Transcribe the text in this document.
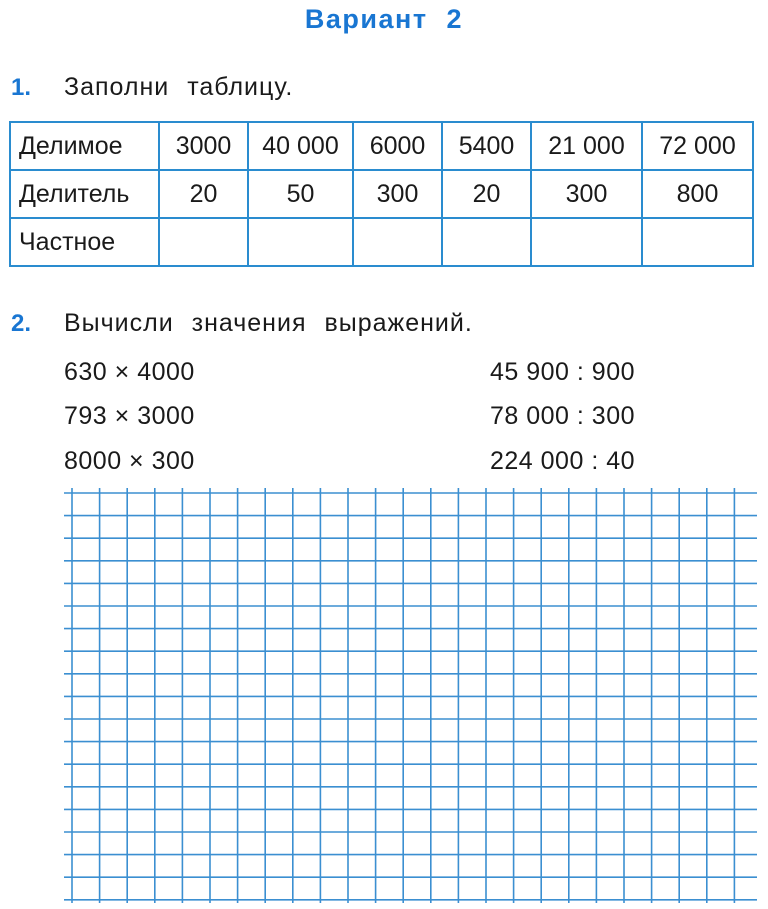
Вариант 2
1. Заполни таблицу.
Делимое	3000	40 000	6000	5400	21 000	72 000
Делитель	20	50	300	20	300	800
Частное						
2. Вычисли значения выражений.
630 × 4000
793 × 3000
8000 × 300
45 900 : 900
78 000 : 300
224 000 : 40
